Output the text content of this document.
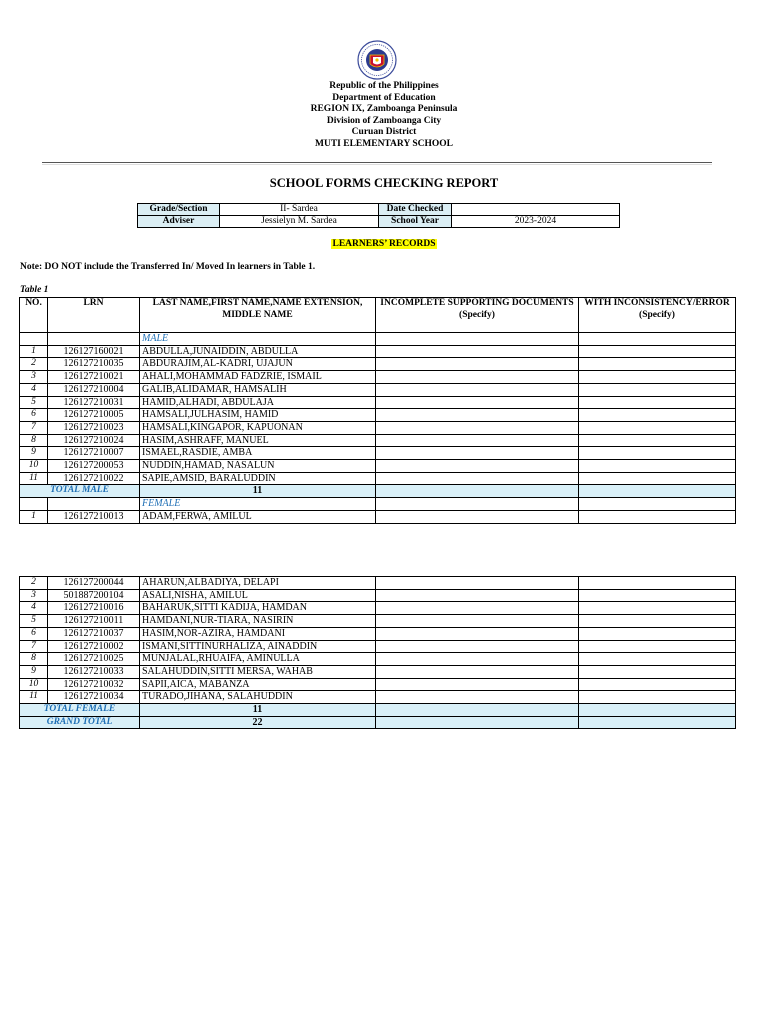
Republic of the Philippines
Department of Education
REGION IX, Zamboanga Peninsula
Division of Zamboanga City
Curuan District
MUTI ELEMENTARY SCHOOL
SCHOOL FORMS CHECKING REPORT
Grade/Section	II- Sardea	Date Checked	
Adviser	Jessielyn M. Sardea	School Year	2023-2024
LEARNERS’ RECORDS
Note: DO NOT include the Transferred In/ Moved In learners in Table 1.
Table 1
NO.	LRN	LAST NAME,FIRST NAME,NAME EXTENSION, MIDDLE NAME	INCOMPLETE SUPPORTING DOCUMENTS (Specify)	WITH INCONSISTENCY/ERROR (Specify)
		MALE		
1	126127160021	ABDULLA,JUNAIDDIN, ABDULLA		
2	126127210035	ABDURAJIM,AL-KADRI, UJAJUN		
3	126127210021	AHALI,MOHAMMAD FADZRIE, ISMAIL		
4	126127210004	GALIB,ALIDAMAR, HAMSALIH		
5	126127210031	HAMID,ALHADI, ABDULAJA		
6	126127210005	HAMSALI,JULHASIM, HAMID		
7	126127210023	HAMSALI,KINGAPOR, KAPUONAN		
8	126127210024	HASIM,ASHRAFF, MANUEL		
9	126127210007	ISMAEL,RASDIE, AMBA		
10	126127200053	NUDDIN,HAMAD, NASALUN		
11	126127210022	SAPIE,AMSID, BARALUDDIN		
TOTAL MALE		11		
		FEMALE		
1	126127210013	ADAM,FERWA, AMILUL		
2	126127200044	AHARUN,ALBADIYA, DELAPI		
3	501887200104	ASALI,NISHA, AMILUL		
4	126127210016	BAHARUK,SITTI KADIJA, HAMDAN		
5	126127210011	HAMDANI,NUR-TIARA, NASIRIN		
6	126127210037	HASIM,NOR-AZIRA, HAMDANI		
7	126127210002	ISMANI,SITTINURHALIZA, AINADDIN		
8	126127210025	MUNJALAL,RHUAIFA, AMINULLA		
9	126127210033	SALAHUDDIN,SITTI MERSA, WAHAB		
10	126127210032	SAPII,AICA, MABANZA		
11	126127210034	TURADO,JIHANA, SALAHUDDIN		
TOTAL FEMALE		11		
GRAND TOTAL		22		
